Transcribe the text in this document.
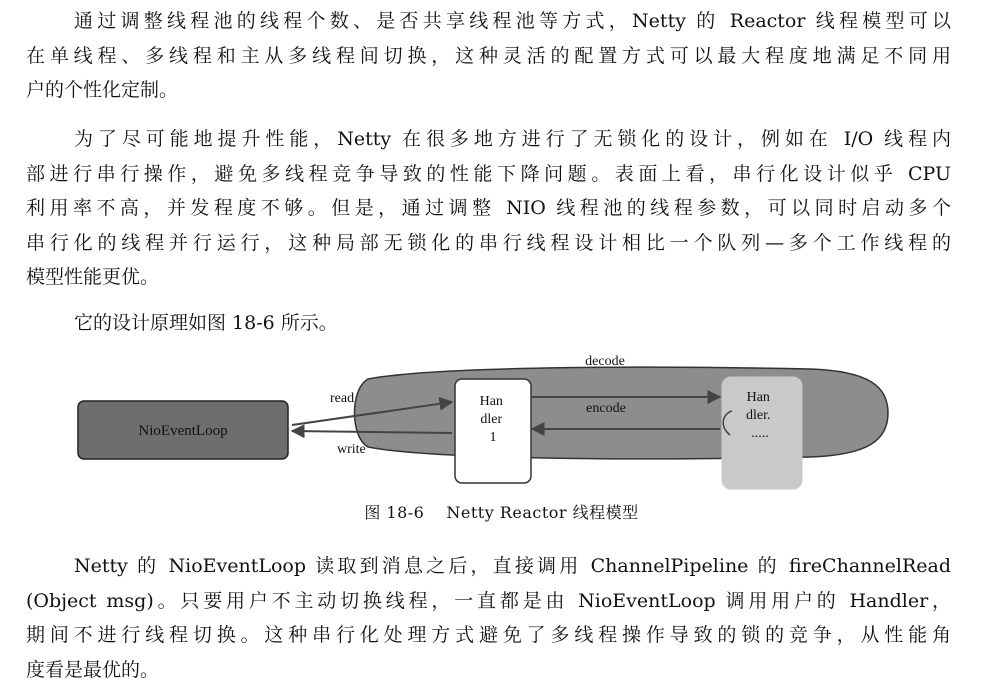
通过调整线程池的线程个数、是否共享线程池等方式，Netty 的 Reactor 线程模型可以
在单线程、多线程和主从多线程间切换，这种灵活的配置方式可以最大程度地满足不同用
户的个性化定制。

为了尽可能地提升性能，Netty 在很多地方进行了无锁化的设计，例如在 I/O 线程内
部进行串行操作，避免多线程竞争导致的性能下降问题。表面上看，串行化设计似乎 CPU
利用率不高，并发程度不够。但是，通过调整 NIO 线程池的线程参数，可以同时启动多个
串行化的线程并行运行，这种局部无锁化的串行线程设计相比一个队列—多个工作线程的
模型性能更优。

它的设计原理如图 18-6 所示。

NioEventLoop
read
write
Han dler 1
decode
encode
Han dler. .....
图 18-6 Netty Reactor 线程模型

Netty 的 NioEventLoop 读取到消息之后，直接调用 ChannelPipeline 的 fireChannelRead
(Object msg)。只要用户不主动切换线程，一直都是由 NioEventLoop 调用用户的 Handler，
期间不进行线程切换。这种串行化处理方式避免了多线程操作导致的锁的竞争，从性能角
度看是最优的。
